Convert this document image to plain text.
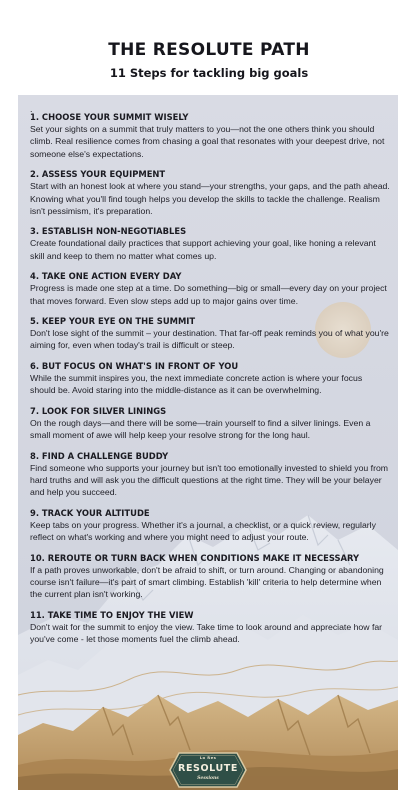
THE RESOLUTE PATH
11 Steps for tackling big goals
.
1. CHOOSE YOUR SUMMIT WISELY
Set your sights on a summit that truly matters to you—not the one others think you should climb. Real resilience comes from chasing a goal that resonates with your deepest drive, not someone else's expectations.
2. ASSESS YOUR EQUIPMENT
Start with an honest look at where you stand—your strengths, your gaps, and the path ahead. Knowing what you'll find tough helps you develop the skills to tackle the challenge. Realism isn't pessimism, it's preparation.
3. ESTABLISH NON-NEGOTIABLES
Create foundational daily practices that support achieving your goal, like honing a relevant skill and keep to them no matter what comes up.
4. TAKE ONE ACTION EVERY DAY
Progress is made one step at a time. Do something—big or small—every day on your project that moves forward. Even slow steps add up to major gains over time.
5. KEEP YOUR EYE ON THE SUMMIT
Don't lose sight of the summit – your destination. That far-off peak reminds you of what you're aiming for, even when today's trail is difficult or steep.
6. BUT FOCUS ON WHAT'S IN FRONT OF YOU
While the summit inspires you, the next immediate concrete action is where your focus should be. Avoid staring into the middle-distance as it can be overwhelming.
7. LOOK FOR SILVER LININGS
On the rough days—and there will be some—train yourself to find a silver linings. Even a small moment of awe will help keep your resolve strong for the long haul.
8. FIND A CHALLENGE BUDDY
Find someone who supports your journey but isn't too emotionally invested to shield you from hard truths and will ask you the difficult questions at the right time. They will be your belayer and help you succeed.
9. TRACK YOUR ALTITUDE
Keep tabs on your progress. Whether it's a journal, a checklist, or a quick review, regularly reflect on what's working and where you might need to adjust your route.
10. REROUTE OR TURN BACK WHEN CONDITIONS MAKE IT NECESSARY
If a path proves unworkable, don't be afraid to shift, or turn around. Changing or abandoning course isn't failure—it's part of smart climbing. Establish 'kill' criteria to help determine when the current plan isn't working.
11. TAKE TIME TO ENJOY THE VIEW
Don't wait for the summit to enjoy the view. Take time to look around and appreciate how far you've come - let those moments fuel the climb ahead.
Lo Res
RESOLUTE
Sessions
